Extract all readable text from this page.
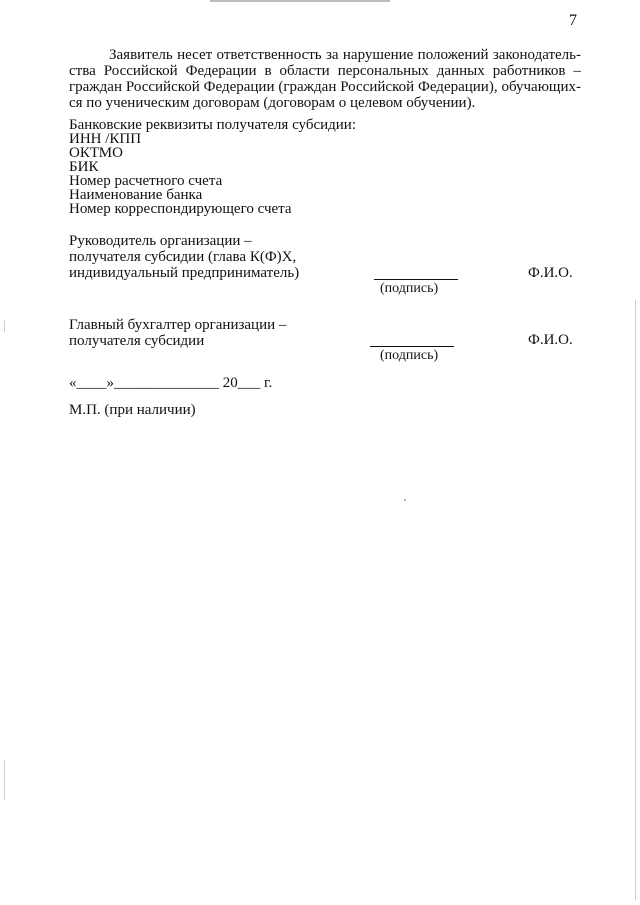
7
Заявитель несет ответственность за нарушение положений законодатель-
ства Российской Федерации в области персональных данных работников –
граждан Российской Федерации (граждан Российской Федерации), обучающих-
ся по ученическим договорам (договорам о целевом обучении).
Банковские реквизиты получателя субсидии:
ИНН /КПП
ОКТМО
БИК
Номер расчетного счета
Наименование банка
Номер корреспондирующего счета
Руководитель организации –
получателя субсидии (глава К(Ф)Х,
индивидуальный предприниматель)
(подпись)
Ф.И.О.
Главный бухгалтер организации –
получателя субсидии
(подпись)
Ф.И.О.
«____»______________ 20___ г.
М.П. (при наличии)
